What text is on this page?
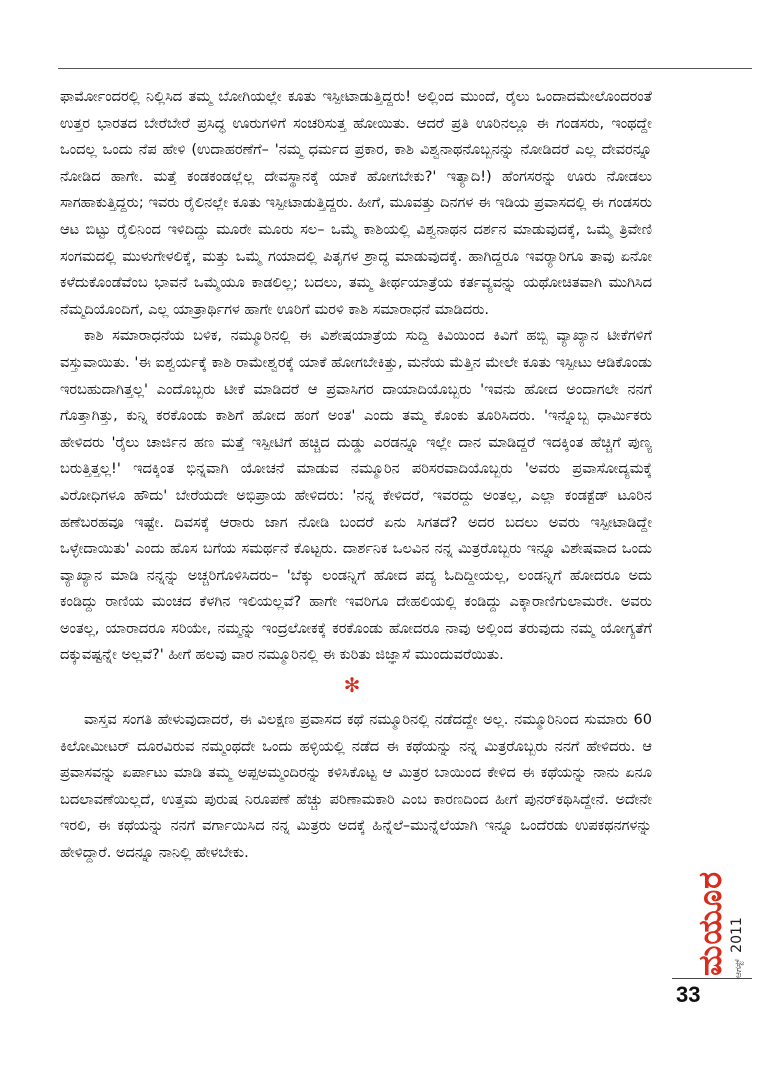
ಫಾರ್ಮೋಂದರಲ್ಲಿ ನಿಲ್ಲಿಸಿದ ತಮ್ಮ ಬೋಗಿಯಲ್ಲೇ ಕೂತು ಇಸ್ಪೀಟಾಡುತ್ತಿದ್ದರು! ಅಲ್ಲಿಂದ ಮುಂದೆ, ರೈಲು ಒಂದಾದಮೇಲೊಂದರಂತೆ ಉತ್ತರ ಭಾರತದ ಬೇರೆಬೇರೆ ಪ್ರಸಿದ್ಧ ಊರುಗಳಿಗೆ ಸಂಚರಿಸುತ್ತ ಹೋಯಿತು. ಆದರೆ ಪ್ರತಿ ಊರಿನಲ್ಲೂ ಈ ಗಂಡಸರು, ಇಂಥದ್ದೇ ಒಂದಲ್ಲ ಒಂದು ನೆಪ ಹೇಳಿ (ಉದಾಹರಣೆಗೆ– 'ನಮ್ಮ ಧರ್ಮದ ಪ್ರಕಾರ, ಕಾಶಿ ವಿಶ್ವನಾಥನೊಬ್ಬನನ್ನು ನೋಡಿದರೆ ಎಲ್ಲ ದೇವರನ್ನೂ ನೋಡಿದ ಹಾಗೇ. ಮತ್ತೆ ಕಂಡಕಂಡಲ್ಲೆಲ್ಲ ದೇವಸ್ಥಾನಕ್ಕೆ ಯಾಕೆ ಹೋಗಬೇಕು?' ಇತ್ಯಾದಿ!) ಹೆಂಗಸರನ್ನು ಊರು ನೋಡಲು ಸಾಗಹಾಕುತ್ತಿದ್ದರು; ಇವರು ರೈಲಿನಲ್ಲೇ ಕೂತು ಇಸ್ಪೀಟಾಡುತ್ತಿದ್ದರು. ಹೀಗೆ, ಮೂವತ್ತು ದಿನಗಳ ಈ ಇಡಿಯ ಪ್ರವಾಸದಲ್ಲಿ ಈ ಗಂಡಸರು ಆಟ ಬಿಟ್ಟು ರೈಲಿನಿಂದ ಇಳಿದಿದ್ದು ಮೂರೇ ಮೂರು ಸಲ– ಒಮ್ಮೆ ಕಾಶಿಯಲ್ಲಿ ವಿಶ್ವನಾಥನ ದರ್ಶನ ಮಾಡುವುದಕ್ಕೆ, ಒಮ್ಮೆ ತ್ರಿವೇಣಿ ಸಂಗಮದಲ್ಲಿ ಮುಳುಗೇಳಲಿಕ್ಕೆ, ಮತ್ತು ಒಮ್ಮೆ ಗಯಾದಲ್ಲಿ ಪಿತೃಗಳ ಶ್ರಾದ್ಧ ಮಾಡುವುದಕ್ಕೆ. ಹಾಗಿದ್ದರೂ ಇವರ್‍ಯಾರಿಗೂ ತಾವು ಏನೋ ಕಳೆದುಕೊಂಡೆವೆಂಬ ಭಾವನೆ ಒಮ್ಮೆಯೂ ಕಾಡಲಿಲ್ಲ; ಬದಲು, ತಮ್ಮ ತೀರ್ಥಯಾತ್ರೆಯ ಕರ್ತವ್ಯವನ್ನು ಯಥೋಚಿತವಾಗಿ ಮುಗಿಸಿದ ನೆಮ್ಮದಿಯೊಂದಿಗೆ, ಎಲ್ಲ ಯಾತ್ರಾರ್ಥಿಗಳ ಹಾಗೇ ಊರಿಗೆ ಮರಳಿ ಕಾಶಿ ಸಮಾರಾಧನೆ ಮಾಡಿದರು.

ಕಾಶಿ ಸಮಾರಾಧನೆಯ ಬಳಿಕ, ನಮ್ಮೂರಿನಲ್ಲಿ ಈ ವಿಶೇಷಯಾತ್ರೆಯ ಸುದ್ದಿ ಕಿವಿಯಿಂದ ಕಿವಿಗೆ ಹಬ್ಬಿ ವ್ಯಾಖ್ಯಾನ ಟೀಕೆಗಳಿಗೆ ವಸ್ತುವಾಯಿತು. 'ಈ ಐಶ್ವರ್ಯಕ್ಕೆ ಕಾಶಿ ರಾಮೇಶ್ವರಕ್ಕೆ ಯಾಕೆ ಹೋಗಬೇಕಿತ್ತು, ಮನೆಯ ಮೆತ್ತಿನ ಮೇಲೇ ಕೂತು ಇಸ್ಪೀಟು ಆಡಿಕೊಂಡು ಇರಬಹುದಾಗಿತ್ತಲ್ಲ' ಎಂದೊಬ್ಬರು ಟೀಕೆ ಮಾಡಿದರೆ ಆ ಪ್ರವಾಸಿಗರ ದಾಯಾದಿಯೊಬ್ಬರು 'ಇವನು ಹೋದ ಅಂದಾಗಲೇ ನನಗೆ ಗೊತ್ತಾಗಿತ್ತು, ಕುನ್ನಿ ಕರಕೊಂಡು ಕಾಶಿಗೆ ಹೋದ ಹಂಗೆ ಅಂತ' ಎಂದು ತಮ್ಮ ಕೊಂಕು ತೂರಿಸಿದರು. 'ಇನ್ನೊಬ್ಬ ಧಾರ್ಮಿಕರು ಹೇಳಿದರು 'ರೈಲು ಚಾರ್ಜಿನ ಹಣ ಮತ್ತೆ ಇಸ್ಪೀಟಿಗೆ ಹಚ್ಚಿದ ದುಡ್ಡು ಎರಡನ್ನೂ ಇಲ್ಲೇ ದಾನ ಮಾಡಿದ್ದರೆ ಇದಕ್ಕಿಂತ ಹೆಚ್ಚಿಗೆ ಪುಣ್ಯ ಬರುತ್ತಿತ್ತಲ್ಲ!' ಇದಕ್ಕಿಂತ ಭಿನ್ನವಾಗಿ ಯೋಚನೆ ಮಾಡುವ ನಮ್ಮೂರಿನ ಪರಿಸರವಾದಿಯೊಬ್ಬರು 'ಅವರು ಪ್ರವಾಸೋದ್ಯಮಕ್ಕೆ ವಿರೋಧಿಗಳೂ ಹೌದು' ಬೇರೆಯದೇ ಅಭಿಪ್ರಾಯ ಹೇಳಿದರು: 'ನನ್ನ ಕೇಳಿದರೆ, ಇವರದ್ದು ಅಂತಲ್ಲ, ಎಲ್ಲಾ ಕಂಡಕ್ಟೆಡ್ ಟೂರಿನ ಹಣೆಬರಹವೂ ಇಷ್ಟೇ. ದಿವಸಕ್ಕೆ ಆರಾರು ಜಾಗ ನೋಡಿ ಬಂದರೆ ಏನು ಸಿಗತದೆ? ಅದರ ಬದಲು ಅವರು ಇಸ್ಪೀಟಾಡಿದ್ದೇ ಒಳ್ಳೇದಾಯಿತು' ಎಂದು ಹೊಸ ಬಗೆಯ ಸಮರ್ಥನೆ ಕೊಟ್ಟರು. ದಾರ್ಶನಿಕ ಒಲವಿನ ನನ್ನ ಮಿತ್ರರೊಬ್ಬರು ಇನ್ನೂ ವಿಶೇಷವಾದ ಒಂದು ವ್ಯಾಖ್ಯಾನ ಮಾಡಿ ನನ್ನನ್ನು ಅಚ್ಚರಿಗೊಳಿಸಿದರು– 'ಬೆಕ್ಕು ಲಂಡನ್ನಿಗೆ ಹೋದ ಪದ್ಯ ಓದಿದ್ದೀಯಲ್ಲ, ಲಂಡನ್ನಿಗೆ ಹೋದರೂ ಅದು ಕಂಡಿದ್ದು ರಾಣಿಯ ಮಂಚದ ಕೆಳಗಿನ ಇಲಿಯಲ್ಲವೆ? ಹಾಗೇ ಇವರಿಗೂ ದೇಹಲಿಯಲ್ಲಿ ಕಂಡಿದ್ದು ಎಕ್ಕಾರಾಣಿಗುಲಾಮರೇ. ಅವರು ಅಂತಲ್ಲ, ಯಾರಾದರೂ ಸರಿಯೇ, ನಮ್ಮನ್ನು ಇಂದ್ರಲೋಕಕ್ಕೆ ಕರಕೊಂಡು ಹೋದರೂ ನಾವು ಅಲ್ಲಿಂದ ತರುವುದು ನಮ್ಮ ಯೋಗ್ಯತೆಗೆ ದಕ್ಕುವಷ್ಟನ್ನೇ ಅಲ್ಲವೆ?' ಹೀಗೆ ಹಲವು ವಾರ ನಮ್ಮೂರಿನಲ್ಲಿ ಈ ಕುರಿತು ಜಿಜ್ಞಾಸೆ ಮುಂದುವರೆಯಿತು.

✻

ವಾಸ್ತವ ಸಂಗತಿ ಹೇಳುವುದಾದರೆ, ಈ ವಿಲಕ್ಷಣ ಪ್ರವಾಸದ ಕಥೆ ನಮ್ಮೂರಿನಲ್ಲಿ ನಡೆದದ್ದೇ ಅಲ್ಲ. ನಮ್ಮೂರಿನಿಂದ ಸುಮಾರು 60 ಕಿಲೋಮೀಟರ್ ದೂರವಿರುವ ನಮ್ಮಂಥದೇ ಒಂದು ಹಳ್ಳಿಯಲ್ಲಿ ನಡೆದ ಈ ಕಥೆಯನ್ನು ನನ್ನ ಮಿತ್ರರೊಬ್ಬರು ನನಗೆ ಹೇಳಿದರು. ಆ ಪ್ರವಾಸವನ್ನು ಏರ್ಪಾಟು ಮಾಡಿ ತಮ್ಮ ಅಪ್ಪಅಮ್ಮಂದಿರನ್ನು ಕಳಿಸಿಕೊಟ್ಟ ಆ ಮಿತ್ರರ ಬಾಯಿಂದ ಕೇಳಿದ ಈ ಕಥೆಯನ್ನು ನಾನು ಏನೂ ಬದಲಾವಣೆಯಿಲ್ಲದೆ, ಉತ್ತಮ ಪುರುಷ ನಿರೂಪಣೆ ಹೆಚ್ಚು ಪರಿಣಾಮಕಾರಿ ಎಂಬ ಕಾರಣದಿಂದ ಹೀಗೆ ಪುನರ್‌ಕಥಿಸಿದ್ದೇನೆ. ಅದೇನೇ ಇರಲಿ, ಈ ಕಥೆಯನ್ನು ನನಗೆ ವರ್ಗಾಯಿಸಿದ ನನ್ನ ಮಿತ್ರರು ಅದಕ್ಕೆ ಹಿನ್ನೆಲೆ–ಮುನ್ನೆಲೆಯಾಗಿ ಇನ್ನೂ ಒಂದೆರಡು ಉಪಕಥನಗಳನ್ನು ಹೇಳಿದ್ದಾರೆ. ಅದನ್ನೂ ನಾನಿಲ್ಲಿ ಹೇಳಬೇಕು.

ಮಯೂರ ಆಗಸ್ಟ್2011
33
